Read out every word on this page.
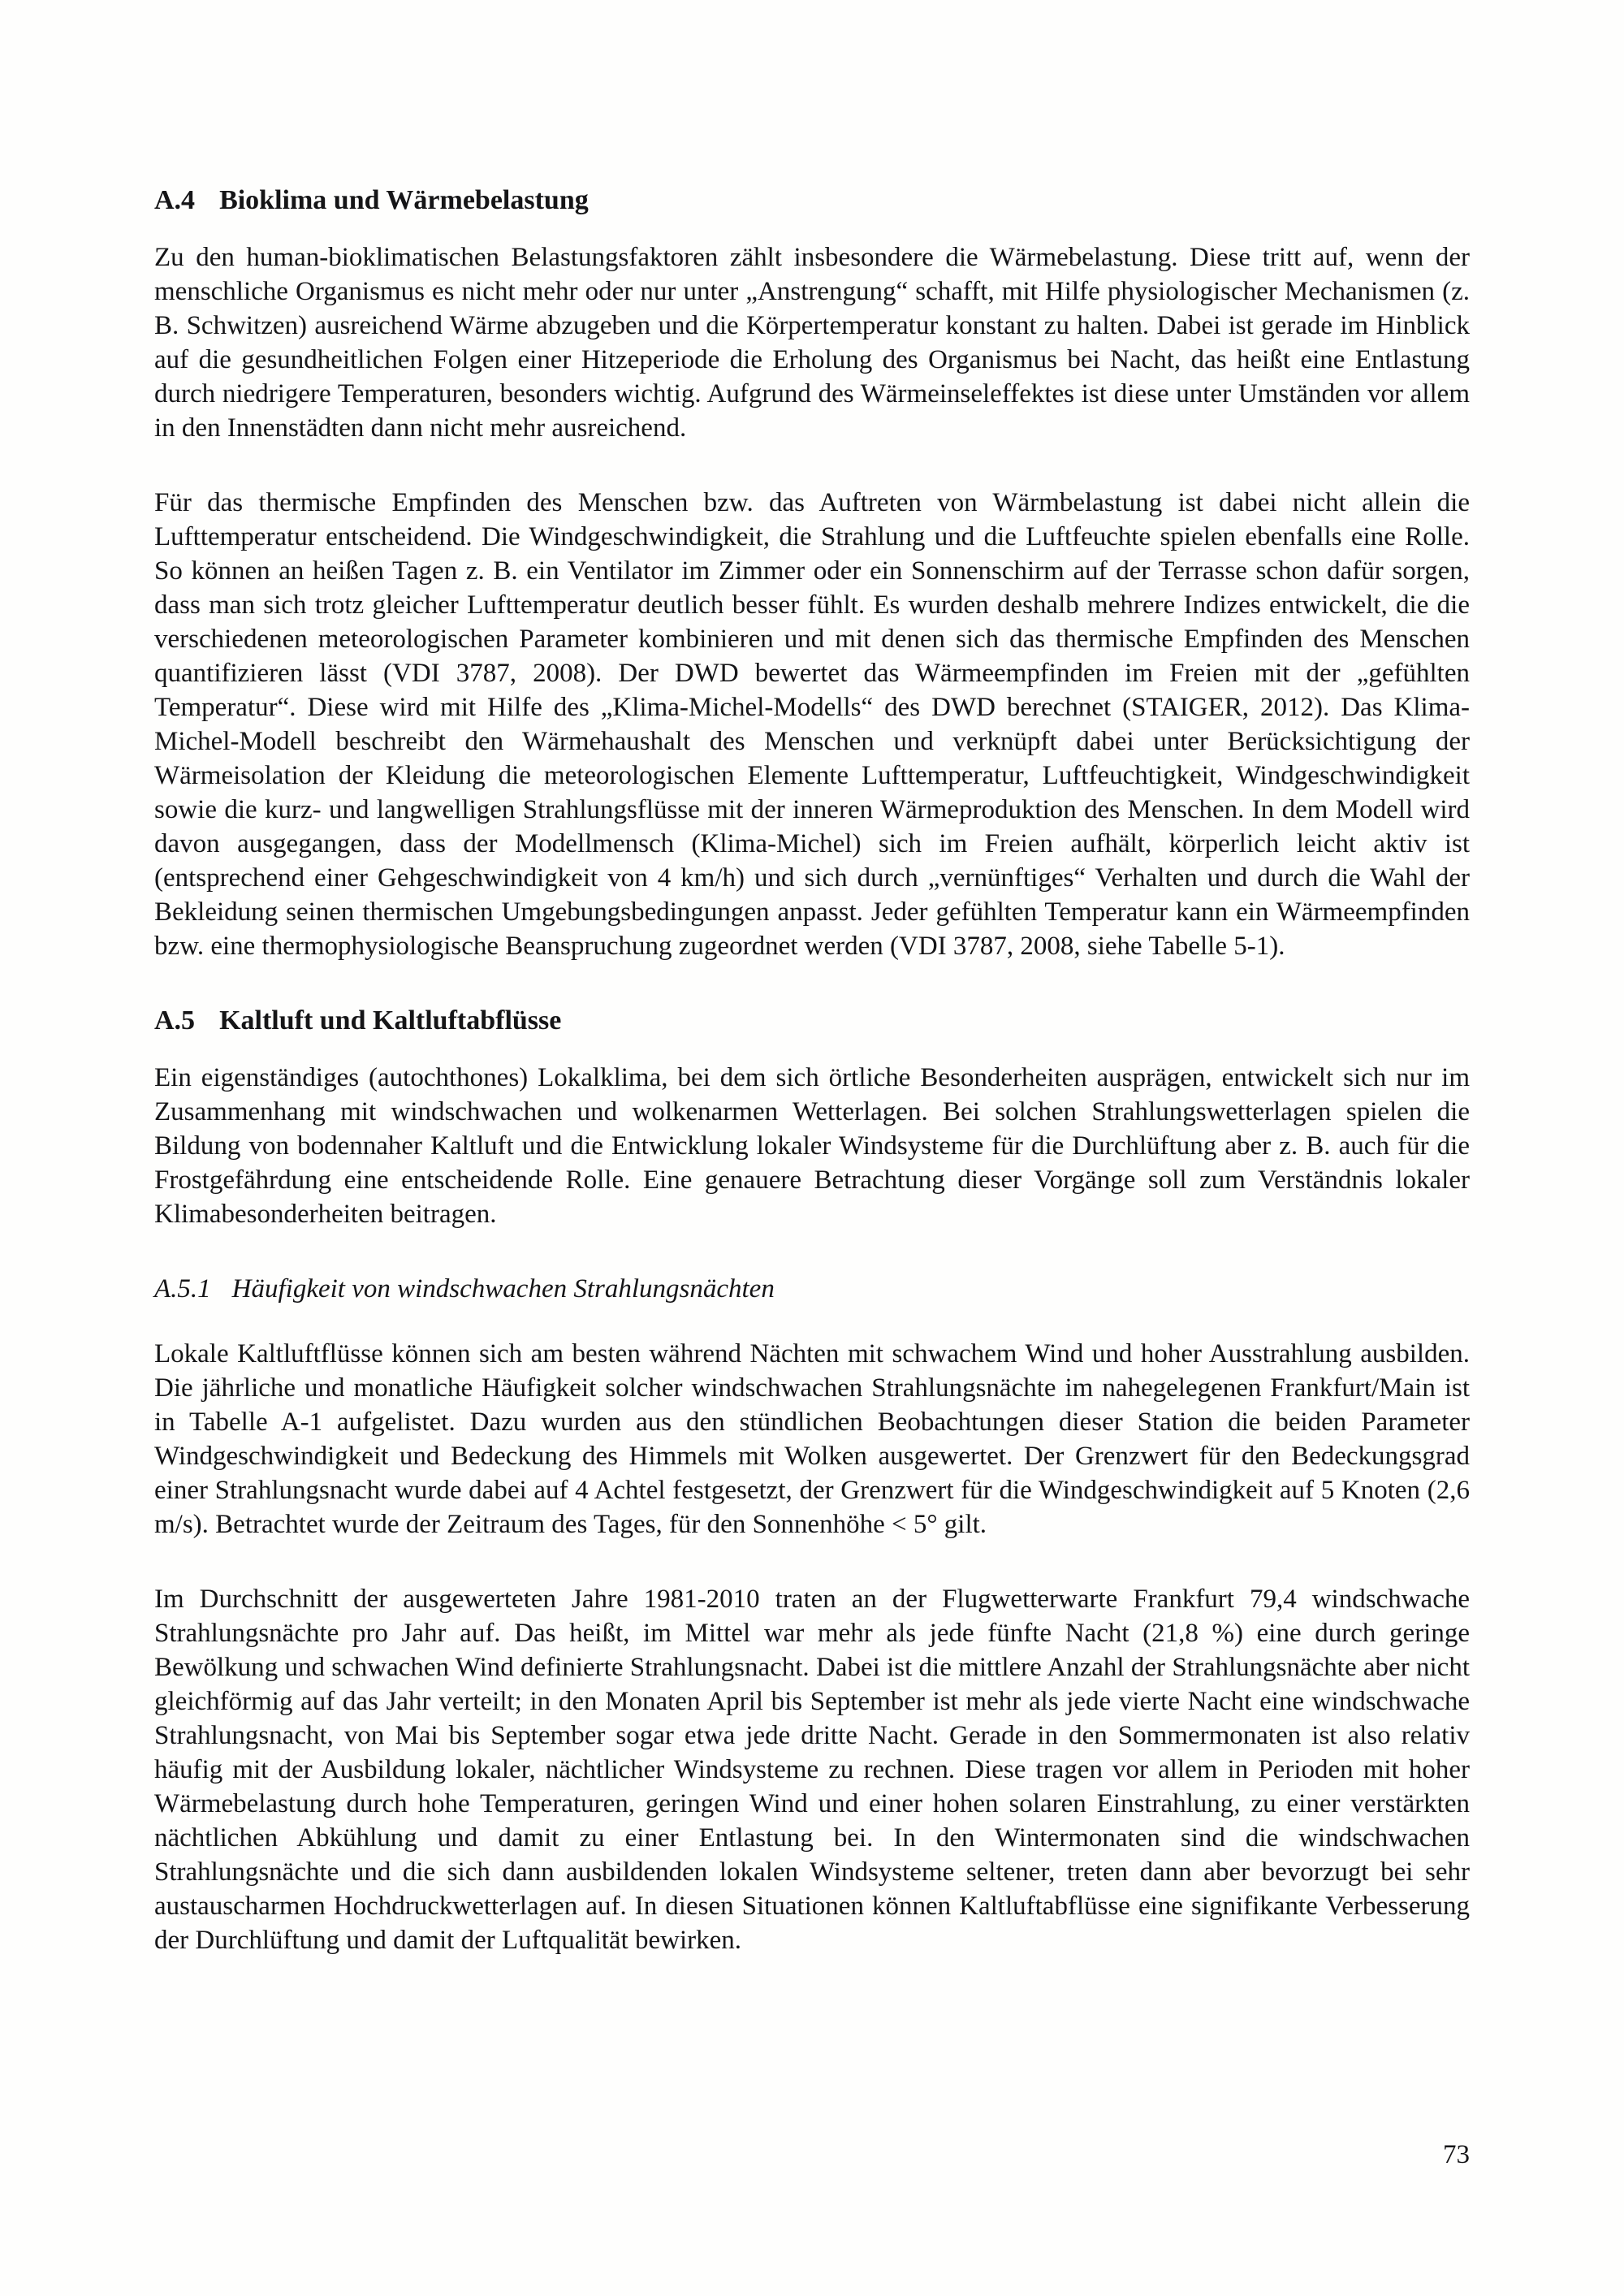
A.4 Bioklima und Wärmebelastung

Zu den human-bioklimatischen Belastungsfaktoren zählt insbesondere die Wärmebelastung. Diese tritt auf, wenn der menschliche Organismus es nicht mehr oder nur unter „Anstrengung“ schafft, mit Hilfe physiologischer Mechanismen (z. B. Schwitzen) ausreichend Wärme abzugeben und die Körpertemperatur konstant zu halten. Dabei ist gerade im Hinblick auf die gesundheitlichen Folgen einer Hitzeperiode die Erholung des Organismus bei Nacht, das heißt eine Entlastung durch niedrigere Temperaturen, besonders wichtig. Aufgrund des Wärmeinseleffektes ist diese unter Umständen vor allem in den Innenstädten dann nicht mehr ausreichend.

Für das thermische Empfinden des Menschen bzw. das Auftreten von Wärmbelastung ist dabei nicht allein die Lufttemperatur entscheidend. Die Windgeschwindigkeit, die Strahlung und die Luftfeuchte spielen ebenfalls eine Rolle. So können an heißen Tagen z. B. ein Ventilator im Zimmer oder ein Sonnenschirm auf der Terrasse schon dafür sorgen, dass man sich trotz gleicher Lufttemperatur deutlich besser fühlt. Es wurden deshalb mehrere Indizes entwickelt, die die verschiedenen meteorologischen Parameter kombinieren und mit denen sich das thermische Empfinden des Menschen quantifizieren lässt (VDI 3787, 2008). Der DWD bewertet das Wärmeempfinden im Freien mit der „gefühlten Temperatur“. Diese wird mit Hilfe des „Klima-Michel-Modells“ des DWD berechnet (STAIGER, 2012). Das Klima-Michel-Modell beschreibt den Wärmehaushalt des Menschen und verknüpft dabei unter Berücksichtigung der Wärmeisolation der Kleidung die meteorologischen Elemente Lufttemperatur, Luftfeuchtigkeit, Windgeschwindigkeit sowie die kurz- und langwelligen Strahlungsflüsse mit der inneren Wärmeproduktion des Menschen. In dem Modell wird davon ausgegangen, dass der Modellmensch (Klima-Michel) sich im Freien aufhält, körperlich leicht aktiv ist (entsprechend einer Gehgeschwindigkeit von 4 km/h) und sich durch „vernünftiges“ Verhalten und durch die Wahl der Bekleidung seinen thermischen Umgebungsbedingungen anpasst. Jeder gefühlten Temperatur kann ein Wärmeempfinden bzw. eine thermophysiologische Beanspruchung zugeordnet werden (VDI 3787, 2008, siehe Tabelle 5-1).

A.5 Kaltluft und Kaltluftabflüsse

Ein eigenständiges (autochthones) Lokalklima, bei dem sich örtliche Besonderheiten ausprägen, entwickelt sich nur im Zusammenhang mit windschwachen und wolkenarmen Wetterlagen. Bei solchen Strahlungswetterlagen spielen die Bildung von bodennaher Kaltluft und die Entwicklung lokaler Windsysteme für die Durchlüftung aber z. B. auch für die Frostgefährdung eine entscheidende Rolle. Eine genauere Betrachtung dieser Vorgänge soll zum Verständnis lokaler Klimabesonderheiten beitragen.

A.5.1 Häufigkeit von windschwachen Strahlungsnächten

Lokale Kaltluftflüsse können sich am besten während Nächten mit schwachem Wind und hoher Ausstrahlung ausbilden. Die jährliche und monatliche Häufigkeit solcher windschwachen Strahlungsnächte im nahegelegenen Frankfurt/Main ist in Tabelle A-1 aufgelistet. Dazu wurden aus den stündlichen Beobachtungen dieser Station die beiden Parameter Windgeschwindigkeit und Bedeckung des Himmels mit Wolken ausgewertet. Der Grenzwert für den Bedeckungsgrad einer Strahlungsnacht wurde dabei auf 4 Achtel festgesetzt, der Grenzwert für die Windgeschwindigkeit auf 5 Knoten (2,6 m/s). Betrachtet wurde der Zeitraum des Tages, für den Sonnenhöhe < 5° gilt.

Im Durchschnitt der ausgewerteten Jahre 1981-2010 traten an der Flugwetterwarte Frankfurt 79,4 windschwache Strahlungsnächte pro Jahr auf. Das heißt, im Mittel war mehr als jede fünfte Nacht (21,8 %) eine durch geringe Bewölkung und schwachen Wind definierte Strahlungsnacht. Dabei ist die mittlere Anzahl der Strahlungsnächte aber nicht gleichförmig auf das Jahr verteilt; in den Monaten April bis September ist mehr als jede vierte Nacht eine windschwache Strahlungsnacht, von Mai bis September sogar etwa jede dritte Nacht. Gerade in den Sommermonaten ist also relativ häufig mit der Ausbildung lokaler, nächtlicher Windsysteme zu rechnen. Diese tragen vor allem in Perioden mit hoher Wärmebelastung durch hohe Temperaturen, geringen Wind und einer hohen solaren Einstrahlung, zu einer verstärkten nächtlichen Abkühlung und damit zu einer Entlastung bei. In den Wintermonaten sind die windschwachen Strahlungsnächte und die sich dann ausbildenden lokalen Windsysteme seltener, treten dann aber bevorzugt bei sehr austauscharmen Hochdruckwetterlagen auf. In diesen Situationen können Kaltluftabflüsse eine signifikante Verbesserung der Durchlüftung und damit der Luftqualität bewirken.

73
